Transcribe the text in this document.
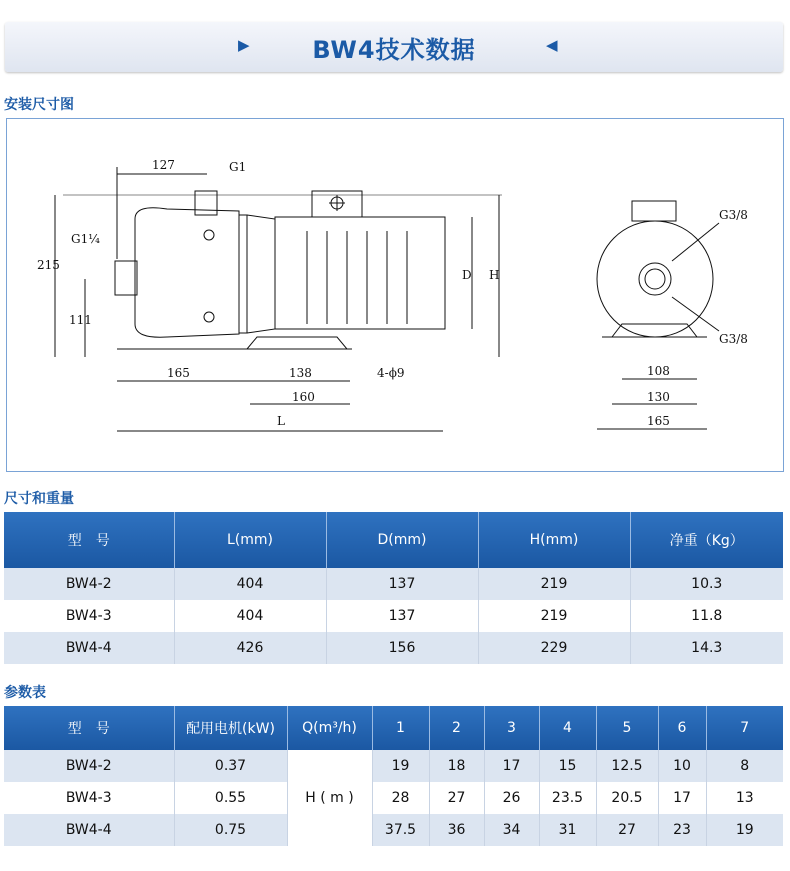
▶	BW4技术数据	◀
安装尺寸图
127	G1
G1¼
215
111
165	138	4-ϕ9
160
L
D H
G3/8
G3/8
108
130
165
尺寸和重量
型　号	L(mm)	D(mm)	H(mm)	净重（Kg）
BW4-2	404	137	219	10.3
BW4-3	404	137	219	11.8
BW4-4	426	156	229	14.3
参数表
型　号	配用电机(kW)	Q(m³/h)	1	2	3	4	5	6	7
BW4-2	0.37	H ( m )	19	18	17	15	12.5	10	8
BW4-3	0.55		28	27	26	23.5	20.5	17	13
BW4-4	0.75		37.5	36	34	31	27	23	19
